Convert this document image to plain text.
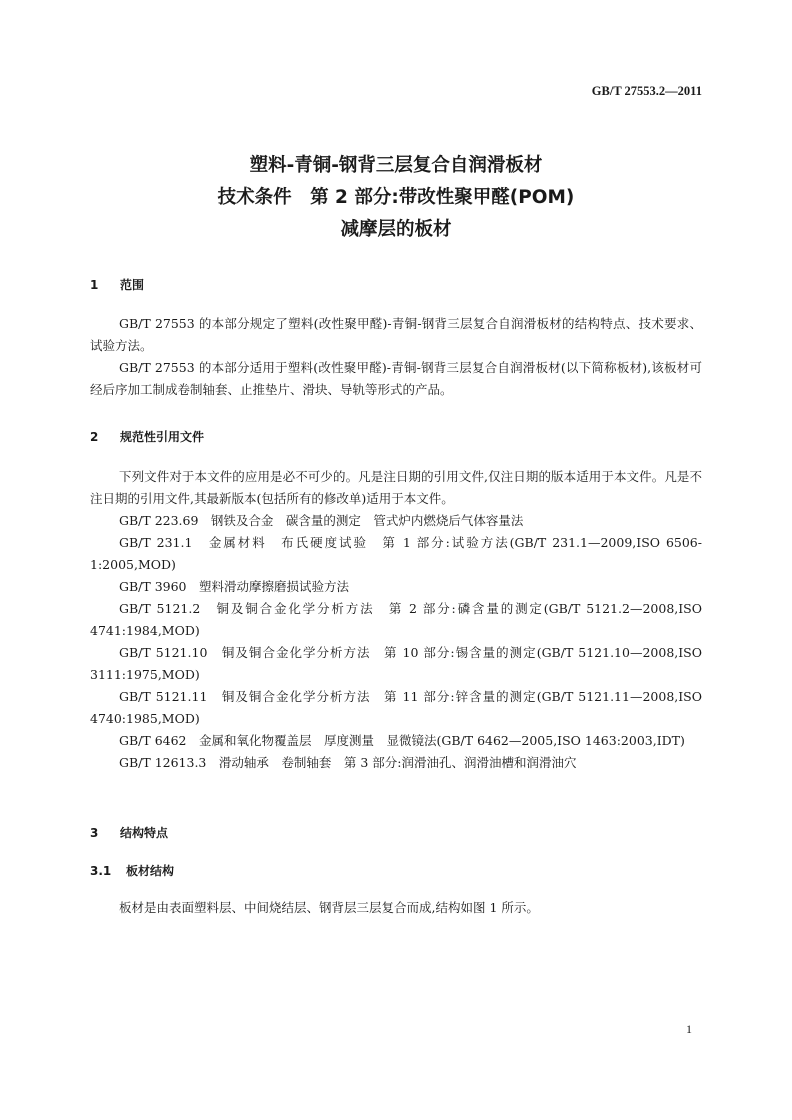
GB/T 27553.2—2011
塑料-青铜-钢背三层复合自润滑板材
技术条件　第 2 部分:带改性聚甲醛(POM)
减摩层的板材
1 范围

GB/T 27553 的本部分规定了塑料(改性聚甲醛)-青铜-钢背三层复合自润滑板材的结构特点、技术要求、试验方法。

GB/T 27553 的本部分适用于塑料(改性聚甲醛)-青铜-钢背三层复合自润滑板材(以下简称板材),该板材可经后序加工制成卷制轴套、止推垫片、滑块、导轨等形式的产品。

2 规范性引用文件

下列文件对于本文件的应用是必不可少的。凡是注日期的引用文件,仅注日期的版本适用于本文件。凡是不注日期的引用文件,其最新版本(包括所有的修改单)适用于本文件。

GB/T 223.69　钢铁及合金　碳含量的测定　管式炉内燃烧后气体容量法

GB/T 231.1　金属材料　布氏硬度试验　第 1 部分:试验方法(GB/T 231.1—2009,ISO 6506-1:2005,MOD)

GB/T 3960　塑料滑动摩擦磨损试验方法

GB/T 5121.2　铜及铜合金化学分析方法　第 2 部分:磷含量的测定(GB/T 5121.2—2008,ISO 4741:1984,MOD)

GB/T 5121.10　铜及铜合金化学分析方法　第 10 部分:锡含量的测定(GB/T 5121.10—2008,ISO 3111:1975,MOD)

GB/T 5121.11　铜及铜合金化学分析方法　第 11 部分:锌含量的测定(GB/T 5121.11—2008,ISO 4740:1985,MOD)

GB/T 6462　金属和氧化物覆盖层　厚度测量　显微镜法(GB/T 6462—2005,ISO 1463:2003,IDT)

GB/T 12613.3　滑动轴承　卷制轴套　第 3 部分:润滑油孔、润滑油槽和润滑油穴

3 结构特点
3.1 板材结构

板材是由表面塑料层、中间烧结层、钢背层三层复合而成,结构如图 1 所示。

1
